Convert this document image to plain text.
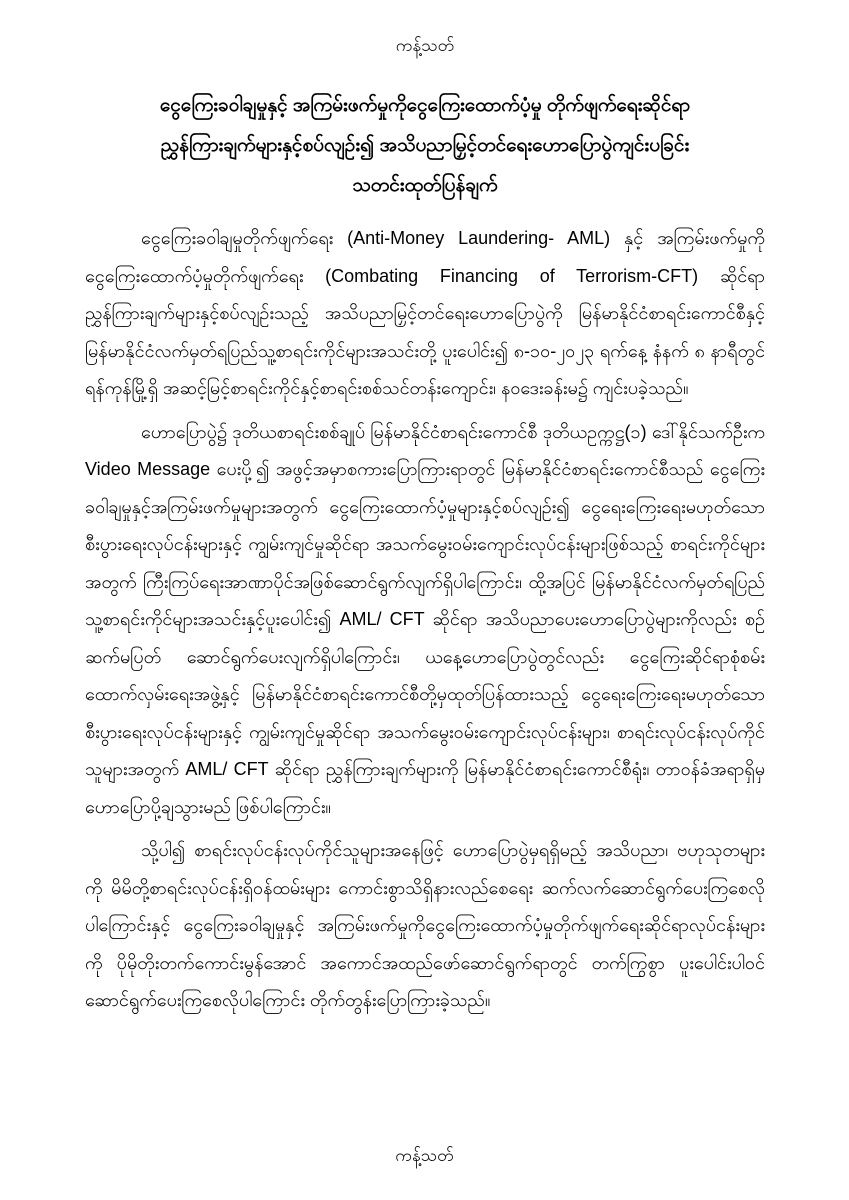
ကန့်သတ်
ငွေကြေးခဝါချမှုနှင့် အကြမ်းဖက်မှုကိုငွေကြေးထောက်ပံ့မှု တိုက်ဖျက်ရေးဆိုင်ရာ
ညွှန်ကြားချက်များနှင့်စပ်လျဉ်း၍ အသိပညာမြှင့်တင်ရေးဟောပြောပွဲကျင်းပခြင်း
သတင်းထုတ်ပြန်ချက်

ငွေကြေးခဝါချမှုတိုက်ဖျက်ရေး (Anti-Money Laundering- AML) နှင့် အကြမ်းဖက်မှုကိုငွေကြေးထောက်ပံ့မှုတိုက်ဖျက်ရေး (Combating Financing of Terrorism-CFT) ဆိုင်ရာ ညွှန်ကြားချက်များနှင့်စပ်လျဉ်းသည့် အသိပညာမြှင့်တင်ရေးဟောပြောပွဲကို မြန်မာနိုင်ငံစာရင်းကောင်စီနှင့် မြန်မာနိုင်ငံလက်မှတ်ရပြည်သူ့စာရင်းကိုင်များအသင်းတို့ ပူးပေါင်း၍ ၈-၁၀-၂၀၂၃ ရက်နေ့ နံနက် ၈ နာရီတွင် ရန်ကုန်မြို့ရှိ အဆင့်မြင့်စာရင်းကိုင်နှင့်စာရင်းစစ်သင်တန်းကျောင်း၊ နဝဒေးခန်းမ၌ ကျင်းပခဲ့သည်။

ဟောပြောပွဲ၌ ဒုတိယစာရင်းစစ်ချုပ် မြန်မာနိုင်ငံစာရင်းကောင်စီ ဒုတိယဥက္ကဋ္ဌ(၁) ဒေါ်နိုင်သက်ဦးက Video Message ပေးပို့၍ အဖွင့်အမှာစကားပြောကြားရာတွင် မြန်မာနိုင်ငံစာရင်းကောင်စီသည် ငွေကြေးခဝါချမှုနှင့်အကြမ်းဖက်မှုများအတွက် ငွေကြေးထောက်ပံ့မှုများနှင့်စပ်လျဉ်း၍ ငွေရေးကြေးရေးမဟုတ်သော စီးပွားရေးလုပ်ငန်းများနှင့် ကျွမ်းကျင်မှုဆိုင်ရာ အသက်မွေးဝမ်းကျောင်းလုပ်ငန်းများဖြစ်သည့် စာရင်းကိုင်များအတွက် ကြီးကြပ်ရေးအာဏာပိုင်အဖြစ်ဆောင်ရွက်လျက်ရှိပါကြောင်း၊ ထို့အပြင် မြန်မာနိုင်ငံလက်မှတ်ရပြည်သူ့စာရင်းကိုင်များအသင်းနှင့်ပူးပေါင်း၍ AML/ CFT ဆိုင်ရာ အသိပညာပေးဟောပြောပွဲများကိုလည်း စဉ်ဆက်မပြတ် ဆောင်ရွက်ပေးလျက်ရှိပါကြောင်း၊ ယနေ့ဟောပြောပွဲတွင်လည်း ငွေကြေးဆိုင်ရာစုံစမ်းထောက်လှမ်းရေးအဖွဲ့နှင့် မြန်မာနိုင်ငံစာရင်းကောင်စီတို့မှထုတ်ပြန်ထားသည့် ငွေရေးကြေးရေးမဟုတ်သော စီးပွားရေးလုပ်ငန်းများနှင့် ကျွမ်းကျင်မှုဆိုင်ရာ အသက်မွေးဝမ်းကျောင်းလုပ်ငန်းများ၊ စာရင်းလုပ်ငန်းလုပ်ကိုင်သူများအတွက် AML/ CFT ဆိုင်ရာ ညွှန်ကြားချက်များကို မြန်မာနိုင်ငံစာရင်းကောင်စီရုံး၊ တာဝန်ခံအရာရှိမှ ဟောပြောပို့ချသွားမည် ဖြစ်ပါကြောင်း။

သို့ပါ၍ စာရင်းလုပ်ငန်းလုပ်ကိုင်သူများအနေဖြင့် ဟောပြောပွဲမှရရှိမည့် အသိပညာ၊ ဗဟုသုတများကို မိမိတို့စာရင်းလုပ်ငန်းရှိဝန်ထမ်းများ ကောင်းစွာသိရှိနားလည်စေရေး ဆက်လက်ဆောင်ရွက်ပေးကြစေလိုပါကြောင်းနှင့် ငွေကြေးခဝါချမှုနှင့် အကြမ်းဖက်မှုကိုငွေကြေးထောက်ပံ့မှုတိုက်ဖျက်ရေးဆိုင်ရာလုပ်ငန်းများကို ပိုမိုတိုးတက်ကောင်းမွန်အောင် အကောင်အထည်ဖော်ဆောင်ရွက်ရာတွင် တက်ကြွစွာ ပူးပေါင်းပါဝင် ဆောင်ရွက်ပေးကြစေလိုပါကြောင်း တိုက်တွန်းပြောကြားခဲ့သည်။

ကန့်သတ်
